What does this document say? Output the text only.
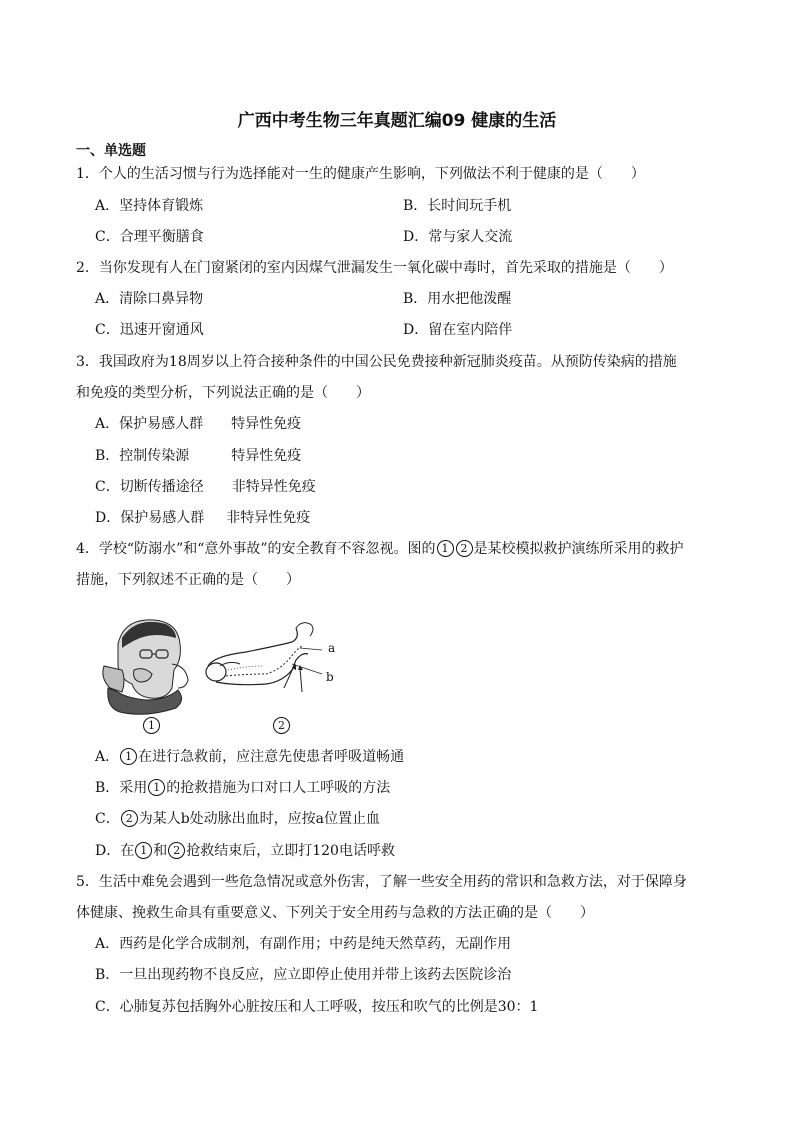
广西中考生物三年真题汇编09 健康的生活
一、单选题
1．个人的生活习惯与行为选择能对一生的健康产生影响，下列做法不利于健康的是（　　）
A．坚持体育锻炼	B．长时间玩手机
C．合理平衡膳食	D．常与家人交流
2．当你发现有人在门窗紧闭的室内因煤气泄漏发生一氧化碳中毒时，首先采取的措施是（　　）
A．清除口鼻异物	B．用水把他泼醒
C．迅速开窗通风	D．留在室内陪伴
3．我国政府为18周岁以上符合接种条件的中国公民免费接种新冠肺炎疫苗。从预防传染病的措施
和免疫的类型分析，下列说法正确的是（　　）
A．保护易感人群 特异性免疫
B．控制传染源	特异性免疫
C．切断传播途径 非特异性免疫
D．保护易感人群 非特异性免疫
4．学校“防溺水”和“意外事故”的安全教育不容忽视。图的 1 2 是某校模拟救护演练所采用的救护
措施，下列叙述不正确的是（　　）
a
b
1	2
A． 1 在进行急救前，应注意先使患者呼吸道畅通
B．采用 1 的抢救措施为口对口人工呼吸的方法
C． 2 为某人b处动脉出血时，应按a位置止血
D．在 1 和 2 抢救结束后，立即打120电话呼救
5．生活中难免会遇到一些危急情况或意外伤害，了解一些安全用药的常识和急救方法，对于保障身
体健康、挽救生命具有重要意义、下列关于安全用药与急救的方法正确的是（　　）
A．西药是化学合成制剂，有副作用；中药是纯天然草药，无副作用
B．一旦出现药物不良反应，应立即停止使用并带上该药去医院诊治
C．心肺复苏包括胸外心脏按压和人工呼吸，按压和吹气的比例是30：1
